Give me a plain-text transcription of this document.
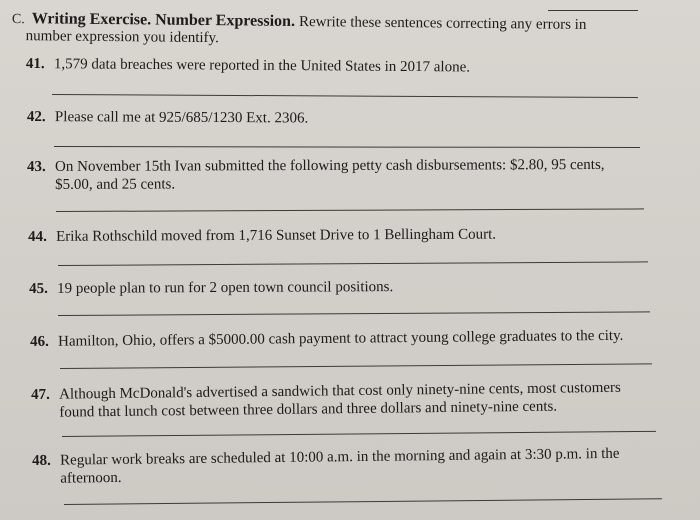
C. Writing Exercise. Number Expression. Rewrite these sentences correcting any errors in
number expression you identify.
41. 1,579 data breaches were reported in the United States in 2017 alone.
42. Please call me at 925/685/1230 Ext. 2306.
43. On November 15th Ivan submitted the following petty cash disbursements: $2.80, 95 cents,
$5.00, and 25 cents.
44. Erika Rothschild moved from 1,716 Sunset Drive to 1 Bellingham Court.
45. 19 people plan to run for 2 open town council positions.
46. Hamilton, Ohio, offers a $5000.00 cash payment to attract young college graduates to the city.
47. Although McDonald's advertised a sandwich that cost only ninety-nine cents, most customers
found that lunch cost between three dollars and three dollars and ninety-nine cents.
48. Regular work breaks are scheduled at 10:00 a.m. in the morning and again at 3:30 p.m. in the
afternoon.
